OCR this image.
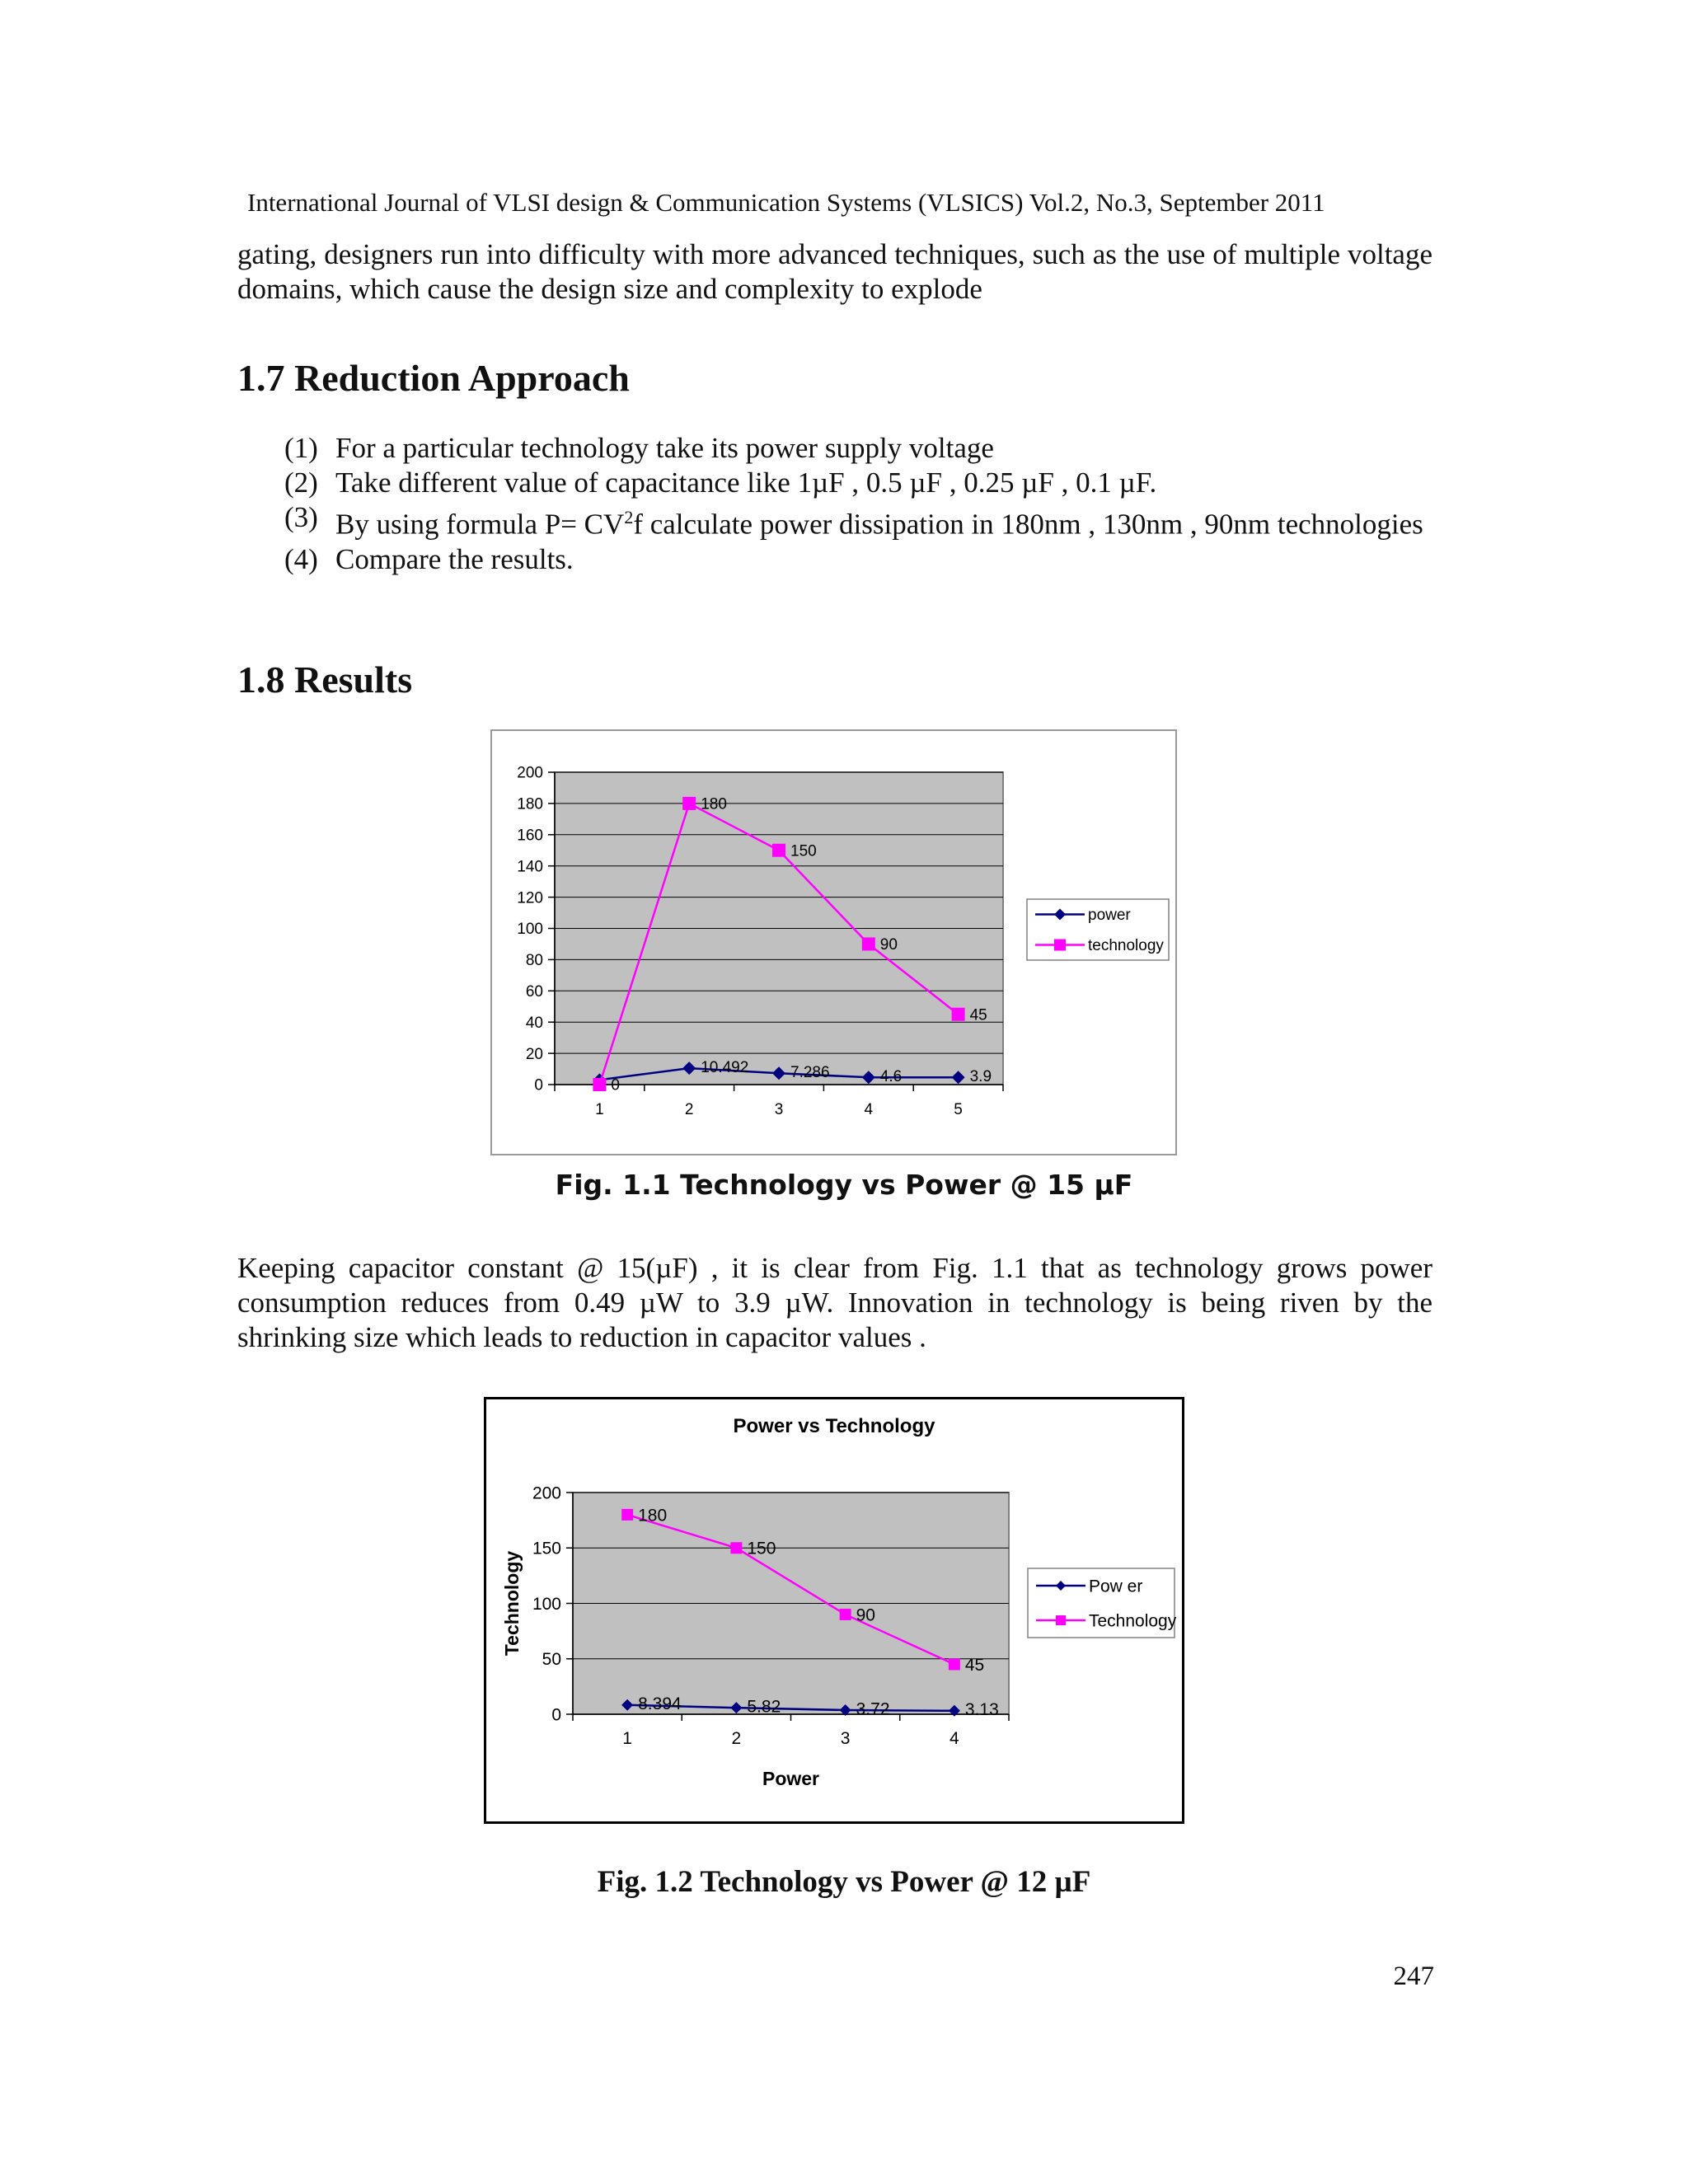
International Journal of VLSI design & Communication Systems (VLSICS) Vol.2, No.3, September 2011

gating, designers run into difficulty with more advanced techniques, such as the use of multiple voltage domains, which cause the design size and complexity to explode

1.7 Reduction Approach
(1) For a particular technology take its power supply voltage
(2) Take different value of capacitance like 1µF , 0.5 µF , 0.25 µF , 0.1 µF.
(3) By using formula $P= CV^2f$ calculate power dissipation in 180nm , 130nm , 90nm technologies
(4) Compare the results.
1.8 Results
0
20
40
60
80
100
120
140
160
180
200
1	2	3	4	5
10.492	7.286	4.6	3.9
0
180
150
90
45
power
technology
Fig. 1.1 Technology vs Power @ 15 µF

Keeping capacitor constant @ 15(µF) , it is clear from Fig. 1.1 that as technology grows power consumption reduces from 0.49 µW to 3.9 µW. Innovation in technology is being riven by the shrinking size which leads to reduction in capacitor values .

0
50
100
150
200
1	2	3	4
8.394	5.82	3.72	3.13
180
150
90
45
Pow er
Technology
Power vs Technology
Power
Technology
Fig. 1.2 Technology vs Power @ 12 µF
247
